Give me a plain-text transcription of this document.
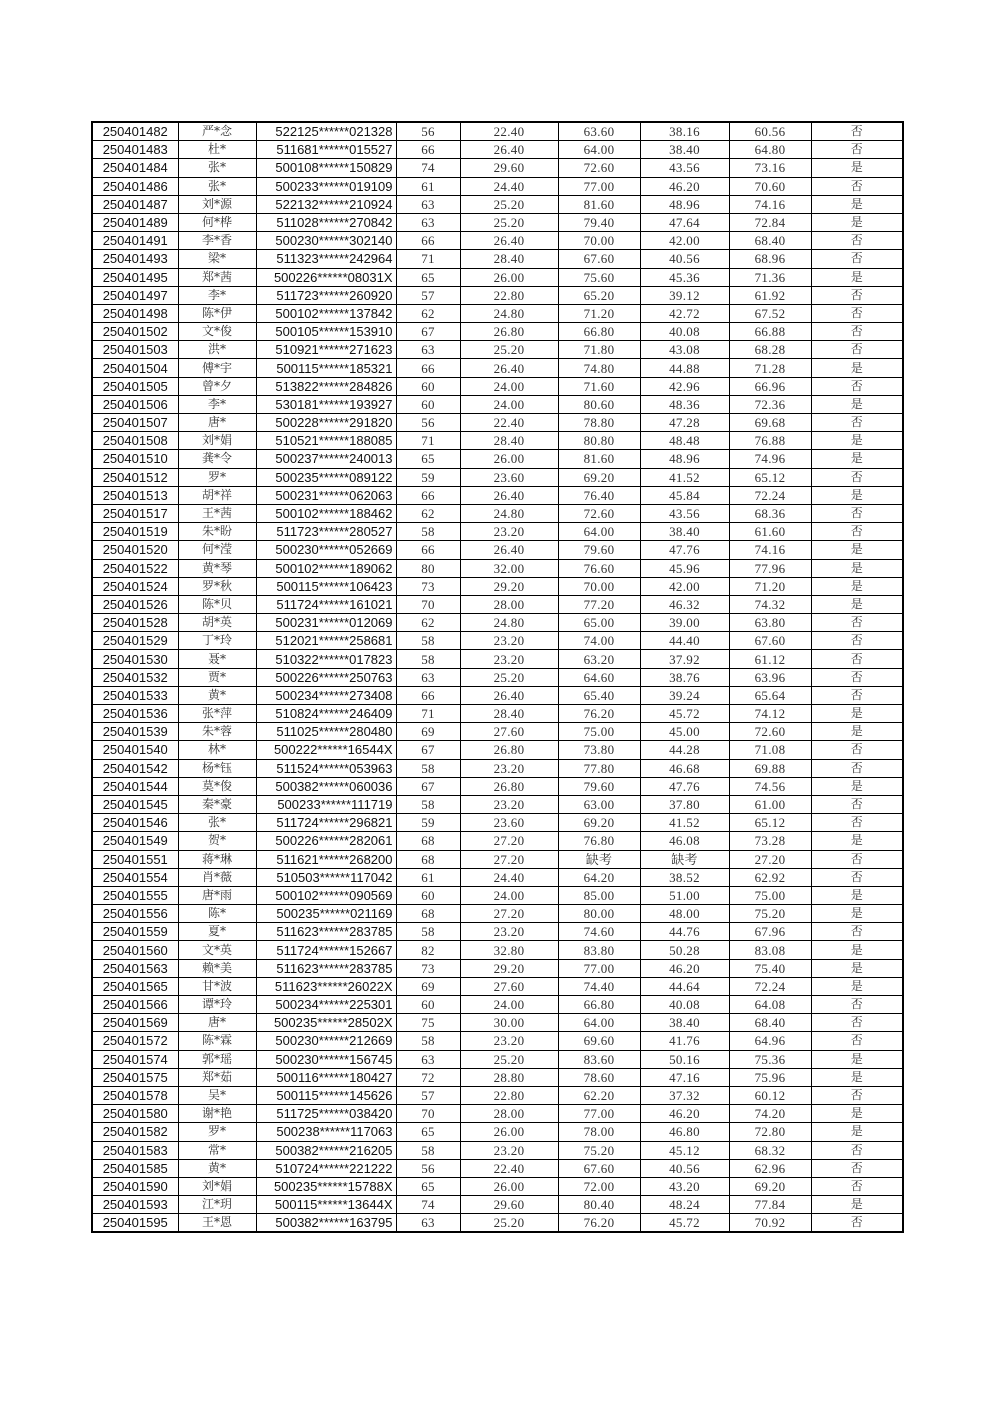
250401482	严*念	522125******021328	56	22.40	63.60	38.16	60.56	否
250401483	杜*	511681******015527	66	26.40	64.00	38.40	64.80	否
250401484	张*	500108******150829	74	29.60	72.60	43.56	73.16	是
250401486	张*	500233******019109	61	24.40	77.00	46.20	70.60	否
250401487	刘*源	522132******210924	63	25.20	81.60	48.96	74.16	是
250401489	何*桦	511028******270842	63	25.20	79.40	47.64	72.84	是
250401491	李*香	500230******302140	66	26.40	70.00	42.00	68.40	否
250401493	梁*	511323******242964	71	28.40	67.60	40.56	68.96	否
250401495	郑*茜	500226******08031X	65	26.00	75.60	45.36	71.36	是
250401497	李*	511723******260920	57	22.80	65.20	39.12	61.92	否
250401498	陈*伊	500102******137842	62	24.80	71.20	42.72	67.52	否
250401502	文*俊	500105******153910	67	26.80	66.80	40.08	66.88	否
250401503	洪*	510921******271623	63	25.20	71.80	43.08	68.28	否
250401504	傅*宇	500115******185321	66	26.40	74.80	44.88	71.28	是
250401505	曾*夕	513822******284826	60	24.00	71.60	42.96	66.96	否
250401506	李*	530181******193927	60	24.00	80.60	48.36	72.36	是
250401507	唐*	500228******291820	56	22.40	78.80	47.28	69.68	否
250401508	刘*娟	510521******188085	71	28.40	80.80	48.48	76.88	是
250401510	龚*令	500237******240013	65	26.00	81.60	48.96	74.96	是
250401512	罗*	500235******089122	59	23.60	69.20	41.52	65.12	否
250401513	胡*祥	500231******062063	66	26.40	76.40	45.84	72.24	是
250401517	王*茜	500102******188462	62	24.80	72.60	43.56	68.36	否
250401519	朱*盼	511723******280527	58	23.20	64.00	38.40	61.60	否
250401520	何*滢	500230******052669	66	26.40	79.60	47.76	74.16	是
250401522	黄*琴	500102******189062	80	32.00	76.60	45.96	77.96	是
250401524	罗*秋	500115******106423	73	29.20	70.00	42.00	71.20	是
250401526	陈*贝	511724******161021	70	28.00	77.20	46.32	74.32	是
250401528	胡*英	500231******012069	62	24.80	65.00	39.00	63.80	否
250401529	丁*玲	512021******258681	58	23.20	74.00	44.40	67.60	否
250401530	聂*	510322******017823	58	23.20	63.20	37.92	61.12	否
250401532	贾*	500226******250763	63	25.20	64.60	38.76	63.96	否
250401533	黄*	500234******273408	66	26.40	65.40	39.24	65.64	否
250401536	张*萍	510824******246409	71	28.40	76.20	45.72	74.12	是
250401539	朱*蓉	511025******280480	69	27.60	75.00	45.00	72.60	是
250401540	林*	500222******16544X	67	26.80	73.80	44.28	71.08	否
250401542	杨*钰	511524******053963	58	23.20	77.80	46.68	69.88	否
250401544	莫*俊	500382******060036	67	26.80	79.60	47.76	74.56	是
250401545	秦*豪	500233******111719	58	23.20	63.00	37.80	61.00	否
250401546	张*	511724******296821	59	23.60	69.20	41.52	65.12	否
250401549	贺*	500226******282061	68	27.20	76.80	46.08	73.28	是
250401551	蒋*琳	511621******268200	68	27.20	缺考	缺考	27.20	否
250401554	肖*薇	510503******117042	61	24.40	64.20	38.52	62.92	否
250401555	唐*雨	500102******090569	60	24.00	85.00	51.00	75.00	是
250401556	陈*	500235******021169	68	27.20	80.00	48.00	75.20	是
250401559	夏*	511623******283785	58	23.20	74.60	44.76	67.96	否
250401560	文*英	511724******152667	82	32.80	83.80	50.28	83.08	是
250401563	赖*美	511623******283785	73	29.20	77.00	46.20	75.40	是
250401565	甘*波	511623******26022X	69	27.60	74.40	44.64	72.24	是
250401566	谭*玲	500234******225301	60	24.00	66.80	40.08	64.08	否
250401569	唐*	500235******28502X	75	30.00	64.00	38.40	68.40	否
250401572	陈*霖	500230******212669	58	23.20	69.60	41.76	64.96	否
250401574	郭*瑶	500230******156745	63	25.20	83.60	50.16	75.36	是
250401575	郑*茹	500116******180427	72	28.80	78.60	47.16	75.96	是
250401578	吴*	500115******145626	57	22.80	62.20	37.32	60.12	否
250401580	谢*艳	511725******038420	70	28.00	77.00	46.20	74.20	是
250401582	罗*	500238******117063	65	26.00	78.00	46.80	72.80	是
250401583	常*	500382******216205	58	23.20	75.20	45.12	68.32	否
250401585	黄*	510724******221222	56	22.40	67.60	40.56	62.96	否
250401590	刘*娟	500235******15788X	65	26.00	72.00	43.20	69.20	否
250401593	江*玥	500115******13644X	74	29.60	80.40	48.24	77.84	是
250401595	王*恩	500382******163795	63	25.20	76.20	45.72	70.92	否
